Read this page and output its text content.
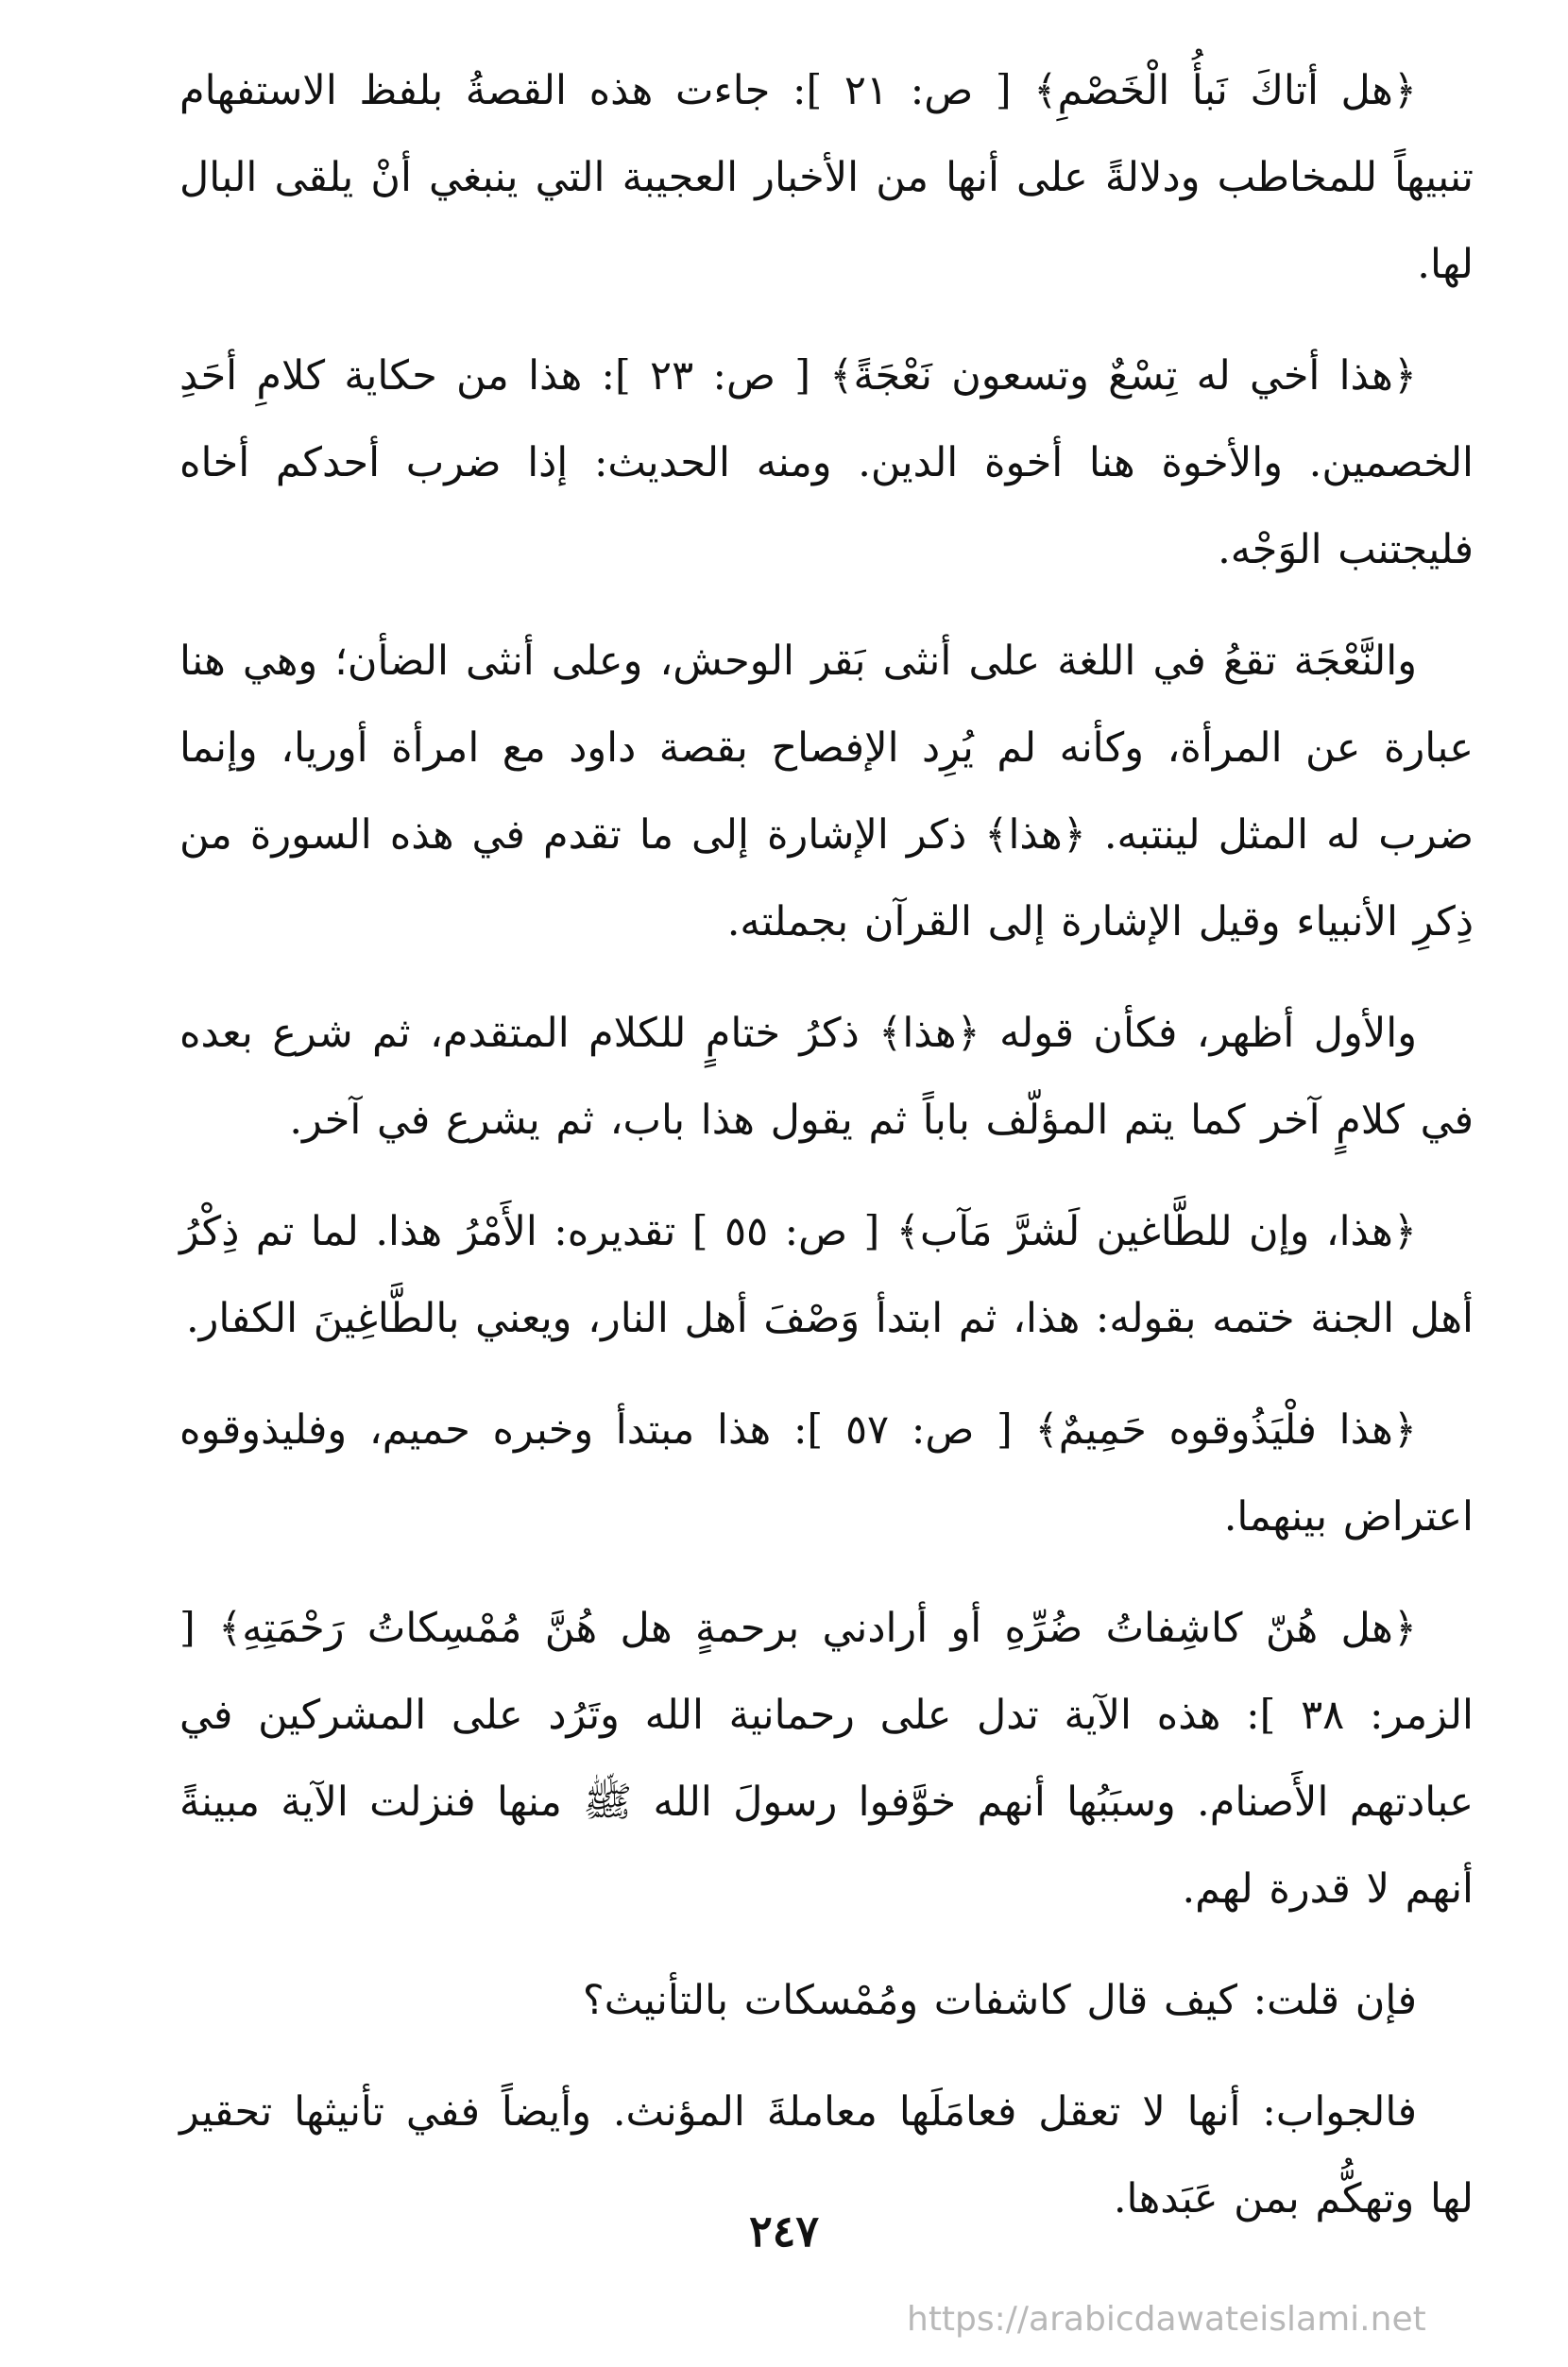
﴿هل أتاكَ نَبأُ الْخَصْمِ﴾ [ ص: ٢١ ]: جاءت هذه القصةُ بلفظ الاستفهام تنبيهاً للمخاطب ودلالةً على أنها من الأخبار العجيبة التي ينبغي أنْ يلقى البال لها.

﴿هذا أخي له تِسْعٌ وتسعون نَعْجَةً﴾ [ ص: ٢٣ ]: هذا من حكاية كلامِ أحَدِ الخصمين. والأخوة هنا أخوة الدين. ومنه الحديث: إذا ضرب أحدكم أخاه فليجتنب الوَجْه.

والنَّعْجَة تقعُ في اللغة على أنثى بَقر الوحش، وعلى أنثى الضأن؛ وهي هنا عبارة عن المرأة، وكأنه لم يُرِد الإفصاح بقصة داود مع امرأة أوريا، وإنما ضرب له المثل لينتبه. ﴿هذا﴾ ذكر الإشارة إلى ما تقدم في هذه السورة من ذِكرِ الأنبياء وقيل الإشارة إلى القرآن بجملته.

والأول أظهر، فكأن قوله ﴿هذا﴾ ذكرُ ختامٍ للكلام المتقدم، ثم شرع بعده في كلامٍ آخر كما يتم المؤلّف باباً ثم يقول هذا باب، ثم يشرع في آخر.

﴿هذا، وإن للطَّاغين لَشرَّ مَآب﴾ [ ص: ٥٥ ] تقديره: الأَمْرُ هذا. لما تم ذِكْرُ أهل الجنة ختمه بقوله: هذا، ثم ابتدأ وَصْفَ أهل النار، ويعني بالطَّاغِينَ الكفار.

﴿هذا فلْيَذُوقوه حَمِيمٌ﴾ [ ص: ٥٧ ]: هذا مبتدأ وخبره حميم، وفليذوقوه اعتراض بينهما.

﴿هل هُنّ كاشِفاتُ ضُرِّهِ أو أرادني برحمةٍ هل هُنَّ مُمْسِكاتُ رَحْمَتِهِ﴾ [ الزمر: ٣٨ ]: هذه الآية تدل على رحمانية الله وتَرُد على المشركين في عبادتهم الأَصنام. وسبَبُها أنهم خوَّفوا رسولَ الله ﷺ منها فنزلت الآية مبينةً أنهم لا قدرة لهم.

فإن قلت: كيف قال كاشفات ومُمْسكات بالتأنيث؟

فالجواب: أنها لا تعقل فعامَلَها معاملةَ المؤنث. وأيضاً ففي تأنيثها تحقير لها وتهكُّم بمن عَبَدها.

٢٤٧
https://arabicdawateislami.net
